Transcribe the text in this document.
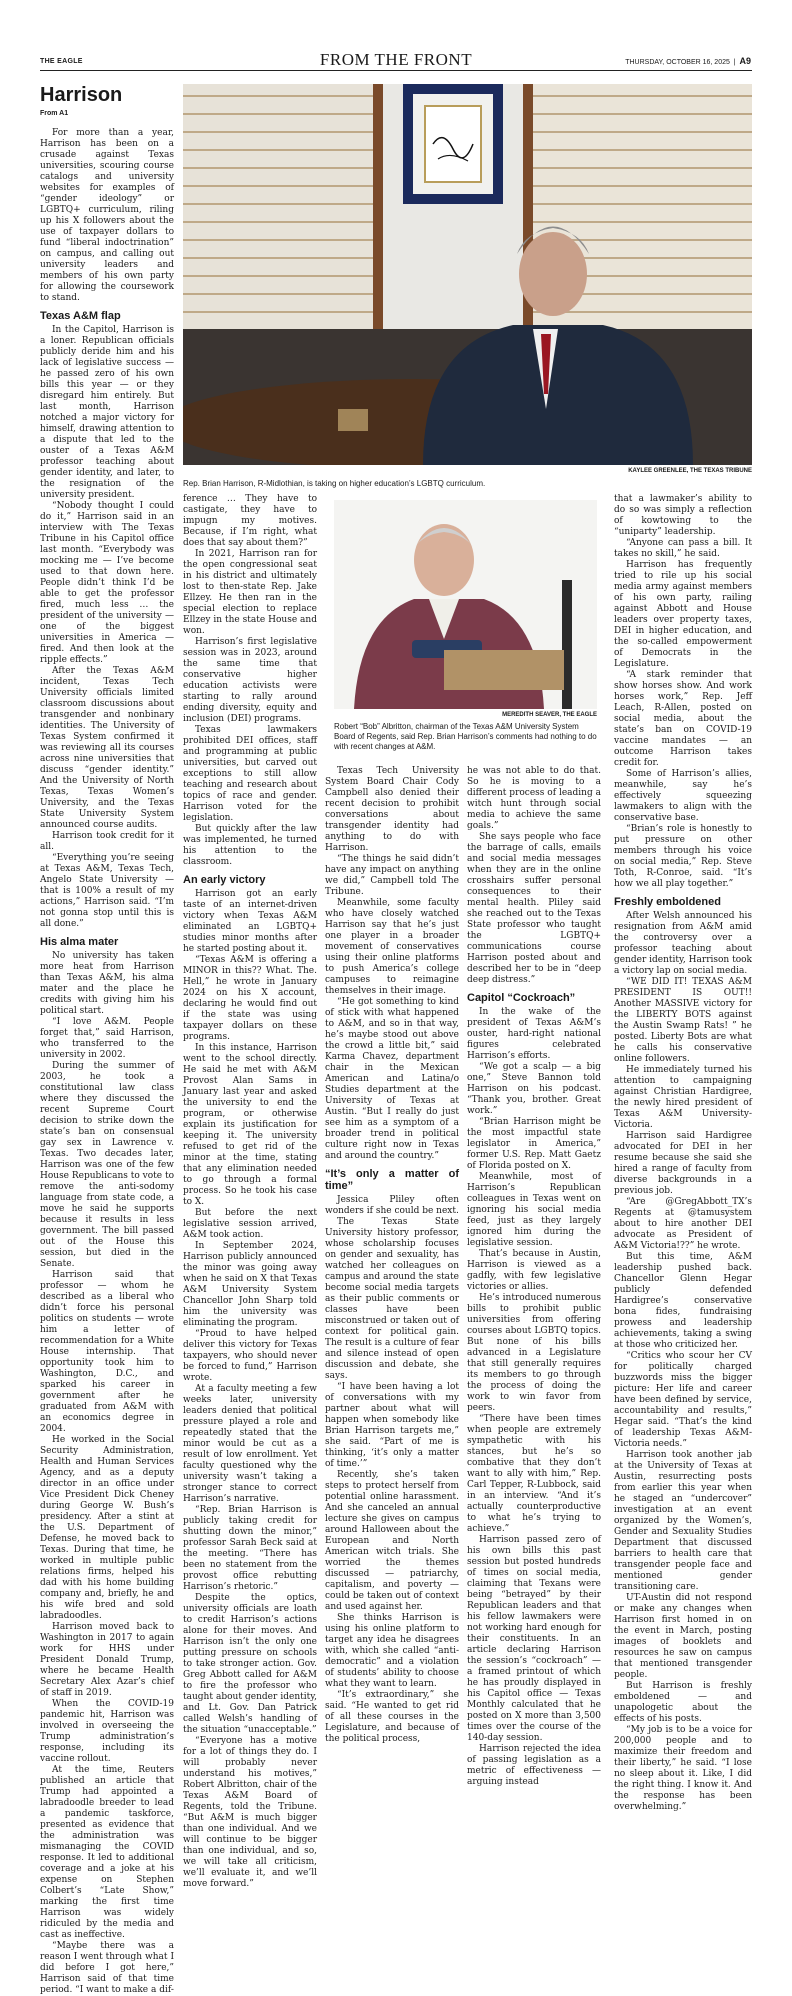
THE EAGLE	FROM THE FRONT	THURSDAY, OCTOBER 16, 2025  |  A9
Harrison
From A1
KAYLEE GREENLEE, THE TEXAS TRIBUNE
Rep. Brian Harrison, R-Midlothian, is taking on higher education’s LGBTQ curriculum.

For more than a year, Harrison has been on a crusade against Texas universities, scouring course catalogs and university websites for examples of “gender ideology” or LGBTQ+ curriculum, riling up his X followers about the use of taxpayer dollars to fund “liberal indoctrination” on campus, and calling out university leaders and members of his own party for allowing the coursework to stand.

Texas A&M flap

In the Capitol, Harrison is a loner. Republican officials publicly deride him and his lack of legislative success — he passed zero of his own bills this year — or they disregard him entirely. But last month, Harrison notched a major victory for himself, drawing attention to a dispute that led to the ouster of a Texas A&M professor teaching about gender identity, and later, to the resignation of the university president.

“Nobody thought I could do it,” Harrison said in an interview with The Texas Tribune in his Capitol office last month. “Everybody was mocking me — I’ve become used to that down here. People didn’t think I’d be able to get the professor fired, much less … the president of the university — one of the biggest universities in America — fired. And then look at the ripple effects.”

After the Texas A&M incident, Texas Tech University officials limited classroom discussions about transgender and nonbinary identities. The University of Texas System confirmed it was reviewing all its courses across nine universities that discuss “gender identity.” And the University of North Texas, Texas Women’s University, and the Texas State University System announced course audits.

Harrison took credit for it all.

“Everything you’re seeing at Texas A&M, Texas Tech, Angelo State University — that is 100% a result of my actions,” Harrison said. “I’m not gonna stop until this is all done.”

His alma mater

No university has taken more heat from Harrison than Texas A&M, his alma mater and the place he credits with giving him his political start.

“I love A&M. People forget that,” said Harrison, who transferred to the university in 2002.

During the summer of 2003, he took a constitutional law class where they discussed the recent Supreme Court decision to strike down the state’s ban on consensual gay sex in Lawrence v. Texas. Two decades later, Harrison was one of the few House Republicans to vote to remove the anti-sodomy language from state code, a move he said he supports because it results in less government. The bill passed out of the House this session, but died in the Senate.

Harrison said that professor — whom he described as a liberal who didn’t force his personal politics on students — wrote him a letter of recommendation for a White House internship. That opportunity took him to Washington, D.C., and sparked his career in government after he graduated from A&M with an economics degree in 2004.

He worked in the Social Security Administration, Health and Human Services Agency, and as a deputy director in an office under Vice President Dick Cheney during George W. Bush’s presidency. After a stint at the U.S. Department of Defense, he moved back to Texas. During that time, he worked in multiple public relations firms, helped his dad with his home building company and, briefly, he and his wife bred and sold labradoodles.

Harrison moved back to Washington in 2017 to again work for HHS under President Donald Trump, where he became Health Secretary Alex Azar’s chief of staff in 2019.

When the COVID-19 pandemic hit, Harrison was involved in overseeing the Trump administration’s response, including its vaccine rollout.

At the time, Reuters published an article that Trump had appointed a labradoodle breeder to lead a pandemic taskforce, presented as evidence that the administration was mismanaging the COVID response. It led to additional coverage and a joke at his expense on Stephen Colbert’s “Late Show,” marking the first time Harrison was widely ridiculed by the media and cast as ineffective.

“Maybe there was a reason I went through what I did before I got here,” Harrison said of that time period. “I want to make a dif-

ference … They have to castigate, they have to impugn my motives. Because, if I’m right, what does that say about them?”

In 2021, Harrison ran for the open congressional seat in his district and ultimately lost to then-state Rep. Jake Ellzey. He then ran in the special election to replace Ellzey in the state House and won.

Harrison’s first legislative session was in 2023, around the same time that conservative higher education activists were starting to rally around ending diversity, equity and inclusion (DEI) programs.

Texas lawmakers prohibited DEI offices, staff and programming at public universities, but carved out exceptions to still allow teaching and research about topics of race and gender. Harrison voted for the legislation.

But quickly after the law was implemented, he turned his attention to the classroom.

An early victory

Harrison got an early taste of an internet-driven victory when Texas A&M eliminated an LGBTQ+ studies minor months after he started posting about it.

“Texas A&M is offering a MINOR in this?? What. The. Hell,” he wrote in January 2024 on his X account, declaring he would find out if the state was using taxpayer dollars on these programs.

In this instance, Harrison went to the school directly. He said he met with A&M Provost Alan Sams in January last year and asked the university to end the program, or otherwise explain its justification for keeping it. The university refused to get rid of the minor at the time, stating that any elimination needed to go through a formal process. So he took his case to X.

But before the next legislative session arrived, A&M took action.

In September 2024, Harrison publicly announced the minor was going away when he said on X that Texas A&M University System Chancellor John Sharp told him the university was eliminating the program.

“Proud to have helped deliver this victory for Texas taxpayers, who should never be forced to fund,” Harrison wrote.

At a faculty meeting a few weeks later, university leaders denied that political pressure played a role and repeatedly stated that the minor would be cut as a result of low enrollment. Yet faculty questioned why the university wasn’t taking a stronger stance to correct Harrison’s narrative.

“Rep. Brian Harrison is publicly taking credit for shutting down the minor,” professor Sarah Beck said at the meeting. “There has been no statement from the provost office rebutting Harrison’s rhetoric.”

Despite the optics, university officials are loath to credit Harrison’s actions alone for their moves. And Harrison isn’t the only one putting pressure on schools to take stronger action. Gov. Greg Abbott called for A&M to fire the professor who taught about gender identity, and Lt. Gov. Dan Patrick called Welsh’s handling of the situation “unacceptable.”

“Everyone has a motive for a lot of things they do. I will probably never understand his motives,” Robert Albritton, chair of the Texas A&M Board of Regents, told the Tribune. “But A&M is much bigger than one individual. And we will continue to be bigger than one individual, and so, we will take all criticism, we’ll evaluate it, and we’ll move forward.”

MEREDITH SEAVER, THE EAGLE
Robert “Bob” Albritton, chairman of the Texas A&M University System Board of Regents, said Rep. Brian Harrison’s comments had nothing to do with recent changes at A&M.

Texas Tech University System Board Chair Cody Campbell also denied their recent decision to prohibit conversations about transgender identity had anything to do with Harrison.

“The things he said didn’t have any impact on anything we did,” Campbell told The Tribune.

Meanwhile, some faculty who have closely watched Harrison say that he’s just one player in a broader movement of conservatives using their online platforms to push America’s college campuses to reimagine themselves in their image.

“He got something to kind of stick with what happened to A&M, and so in that way, he’s maybe stood out above the crowd a little bit,” said Karma Chavez, department chair in the Mexican American and Latina/o Studies department at the University of Texas at Austin. “But I really do just see him as a symptom of a broader trend in political culture right now in Texas and around the country.”

“It’s only a matter of time”

Jessica Pliley often wonders if she could be next.

The Texas State University history professor, whose scholarship focuses on gender and sexuality, has watched her colleagues on campus and around the state become social media targets as their public comments or classes have been misconstrued or taken out of context for political gain. The result is a culture of fear and silence instead of open discussion and debate, she says.

“I have been having a lot of conversations with my partner about what will happen when somebody like Brian Harrison targets me,” she said. “Part of me is thinking, ‘it’s only a matter of time.’”

Recently, she’s taken steps to protect herself from potential online harassment. And she canceled an annual lecture she gives on campus around Halloween about the European and North American witch trials. She worried the themes discussed — patriarchy, capitalism, and poverty — could be taken out of context and used against her.

She thinks Harrison is using his online platform to target any idea he disagrees with, which she called “anti-democratic” and a violation of students’ ability to choose what they want to learn.

“It’s extraordinary,” she said. “He wanted to get rid of all these courses in the Legislature, and because of the political process,

he was not able to do that. So he is moving to a different process of leading a witch hunt through social media to achieve the same goals.”

She says people who face the barrage of calls, emails and social media messages when they are in the online crosshairs suffer personal consequences to their mental health. Pliley said she reached out to the Texas State professor who taught the LGBTQ+ communications course Harrison posted about and described her to be in “deep deep distress.”

Capitol “Cockroach”

In the wake of the president of Texas A&M’s ouster, hard-right national figures celebrated Harrison’s efforts.

“We got a scalp — a big one,” Steve Bannon told Harrison on his podcast. “Thank you, brother. Great work.”

“Brian Harrison might be the most impactful state legislator in America,” former U.S. Rep. Matt Gaetz of Florida posted on X.

Meanwhile, most of Harrison’s Republican colleagues in Texas went on ignoring his social media feed, just as they largely ignored him during the legislative session.

That’s because in Austin, Harrison is viewed as a gadfly, with few legislative victories or allies.

He’s introduced numerous bills to prohibit public universities from offering courses about LGBTQ topics. But none of his bills advanced in a Legislature that still generally requires its members to go through the process of doing the work to win favor from peers.

“There have been times when people are extremely sympathetic with his stances, but he’s so combative that they don’t want to ally with him,” Rep. Carl Tepper, R-Lubbock, said in an interview. “And it’s actually counterproductive to what he’s trying to achieve.”

Harrison passed zero of his own bills this past session but posted hundreds of times on social media, claiming that Texans were being “betrayed” by their Republican leaders and that his fellow lawmakers were not working hard enough for their constituents. In an article declaring Harrison the session’s “cockroach” — a framed printout of which he has proudly displayed in his Capitol office — Texas Monthly calculated that he posted on X more than 3,500 times over the course of the 140-day session.

Harrison rejected the idea of passing legislation as a metric of effectiveness — arguing instead

that a lawmaker’s ability to do so was simply a reflection of kowtowing to the “uniparty” leadership.

“Anyone can pass a bill. It takes no skill,” he said.

Harrison has frequently tried to rile up his social media army against members of his own party, railing against Abbott and House leaders over property taxes, DEI in higher education, and the so-called empowerment of Democrats in the Legislature.

“A stark reminder that show horses show. And work horses work,” Rep. Jeff Leach, R-Allen, posted on social media, about the state’s ban on COVID-19 vaccine mandates — an outcome Harrison takes credit for.

Some of Harrison’s allies, meanwhile, say he’s effectively squeezing lawmakers to align with the conservative base.

“Brian’s role is honestly to put pressure on other members through his voice on social media,” Rep. Steve Toth, R-Conroe, said. “It’s how we all play together.”

Freshly emboldened

After Welsh announced his resignation from A&M amid the controversy over a professor teaching about gender identity, Harrison took a victory lap on social media.

“WE DID IT! TEXAS A&M PRESIDENT IS OUT!! Another MASSIVE victory for the LIBERTY BOTS against the Austin Swamp Rats! ” he posted. Liberty Bots are what he calls his conservative online followers.

He immediately turned his attention to campaigning against Christian Hardigree, the newly hired president of Texas A&M University-Victoria.

Harrison said Hardigree advocated for DEI in her resume because she said she hired a range of faculty from diverse backgrounds in a previous job.

“Are @GregAbbott_TX’s Regents at @tamusystem about to hire another DEI advocate as President of A&M Victoria!??” he wrote.

But this time, A&M leadership pushed back. Chancellor Glenn Hegar publicly defended Hardigree’s conservative bona fides, fundraising prowess and leadership achievements, taking a swing at those who criticized her.

“Critics who scour her CV for politically charged buzzwords miss the bigger picture: Her life and career have been defined by service, accountability and results,” Hegar said. “That’s the kind of leadership Texas A&M-Victoria needs.”

Harrison took another jab at the University of Texas at Austin, resurrecting posts from earlier this year when he staged an “undercover” investigation at an event organized by the Women’s, Gender and Sexuality Studies Department that discussed barriers to health care that transgender people face and mentioned gender transitioning care.

UT-Austin did not respond or make any changes when Harrison first homed in on the event in March, posting images of booklets and resources he saw on campus that mentioned transgender people.

But Harrison is freshly emboldened — and unapologetic about the effects of his posts.

“My job is to be a voice for 200,000 people and to maximize their freedom and their liberty,” he said. “I lose no sleep about it. Like, I did the right thing. I know it. And the response has been overwhelming.”
